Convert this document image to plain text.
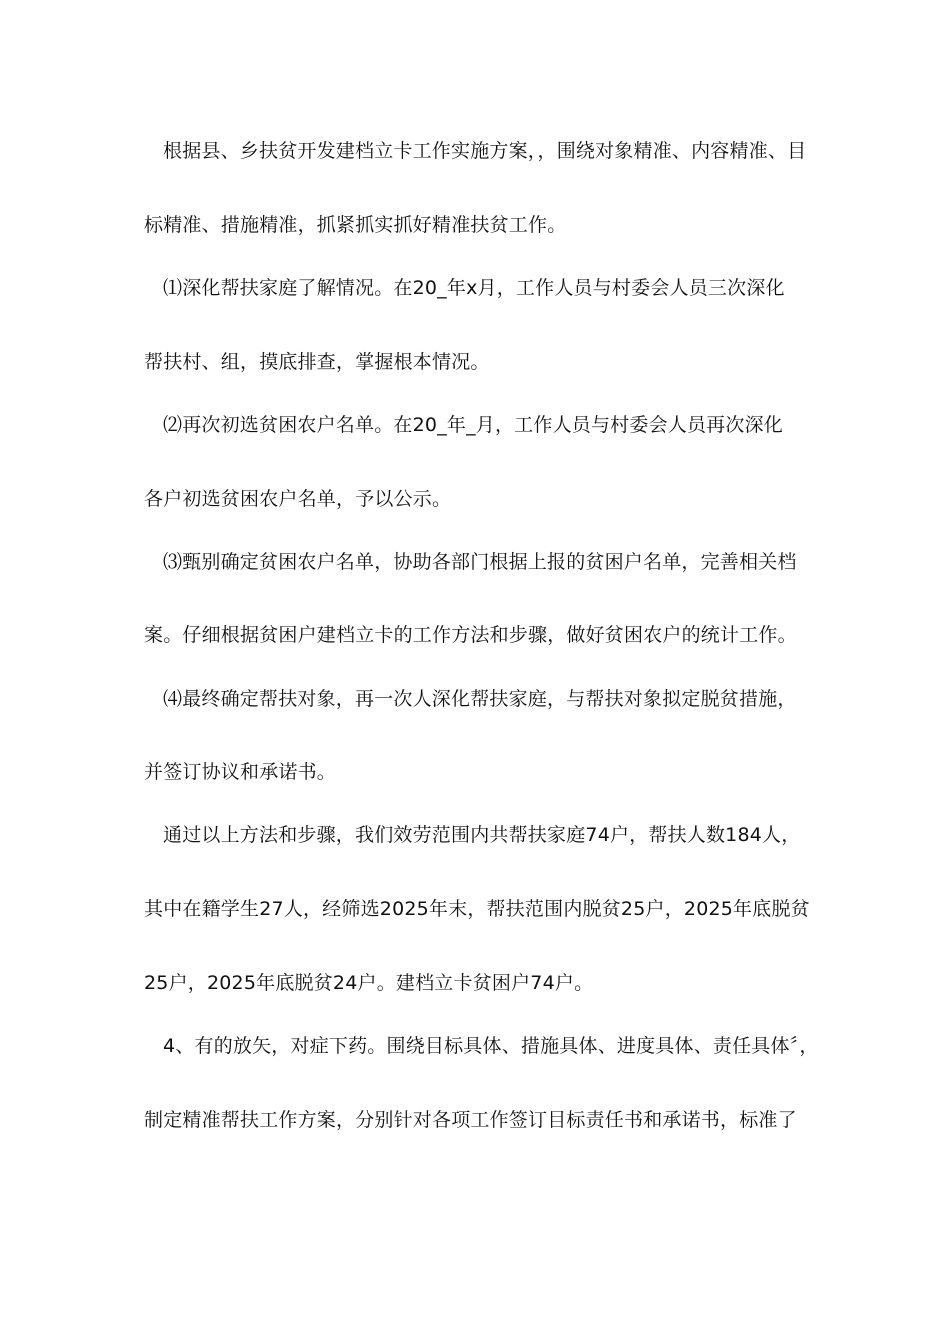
根据县、乡扶贫开发建档立卡工作实施方案，，围绕对象精准、内容精准、目
标精准、措施精准，抓紧抓实抓好精准扶贫工作。
⑴深化帮扶家庭了解情况。在20_年x月，工作人员与村委会人员三次深化
帮扶村、组，摸底排查，掌握根本情况。
⑵再次初选贫困农户名单。在20_年_月，工作人员与村委会人员再次深化
各户初选贫困农户名单，予以公示。
⑶甄别确定贫困农户名单，协助各部门根据上报的贫困户名单，完善相关档
案。仔细根据贫困户建档立卡的工作方法和步骤，做好贫困农户的统计工作。
⑷最终确定帮扶对象，再一次人深化帮扶家庭，与帮扶对象拟定脱贫措施，
并签订协议和承诺书。
通过以上方法和步骤，我们效劳范围内共帮扶家庭74户，帮扶人数184人，
其中在籍学生27人，经筛选2025年末，帮扶范围内脱贫25户，2025年底脱贫
25户，2025年底脱贫24户。建档立卡贫困户74户。
4、有的放矢，对症下药。围绕目标具体、措施具体、进度具体、责任具体〞，
制定精准帮扶工作方案，分别针对各项工作签订目标责任书和承诺书，标准了
